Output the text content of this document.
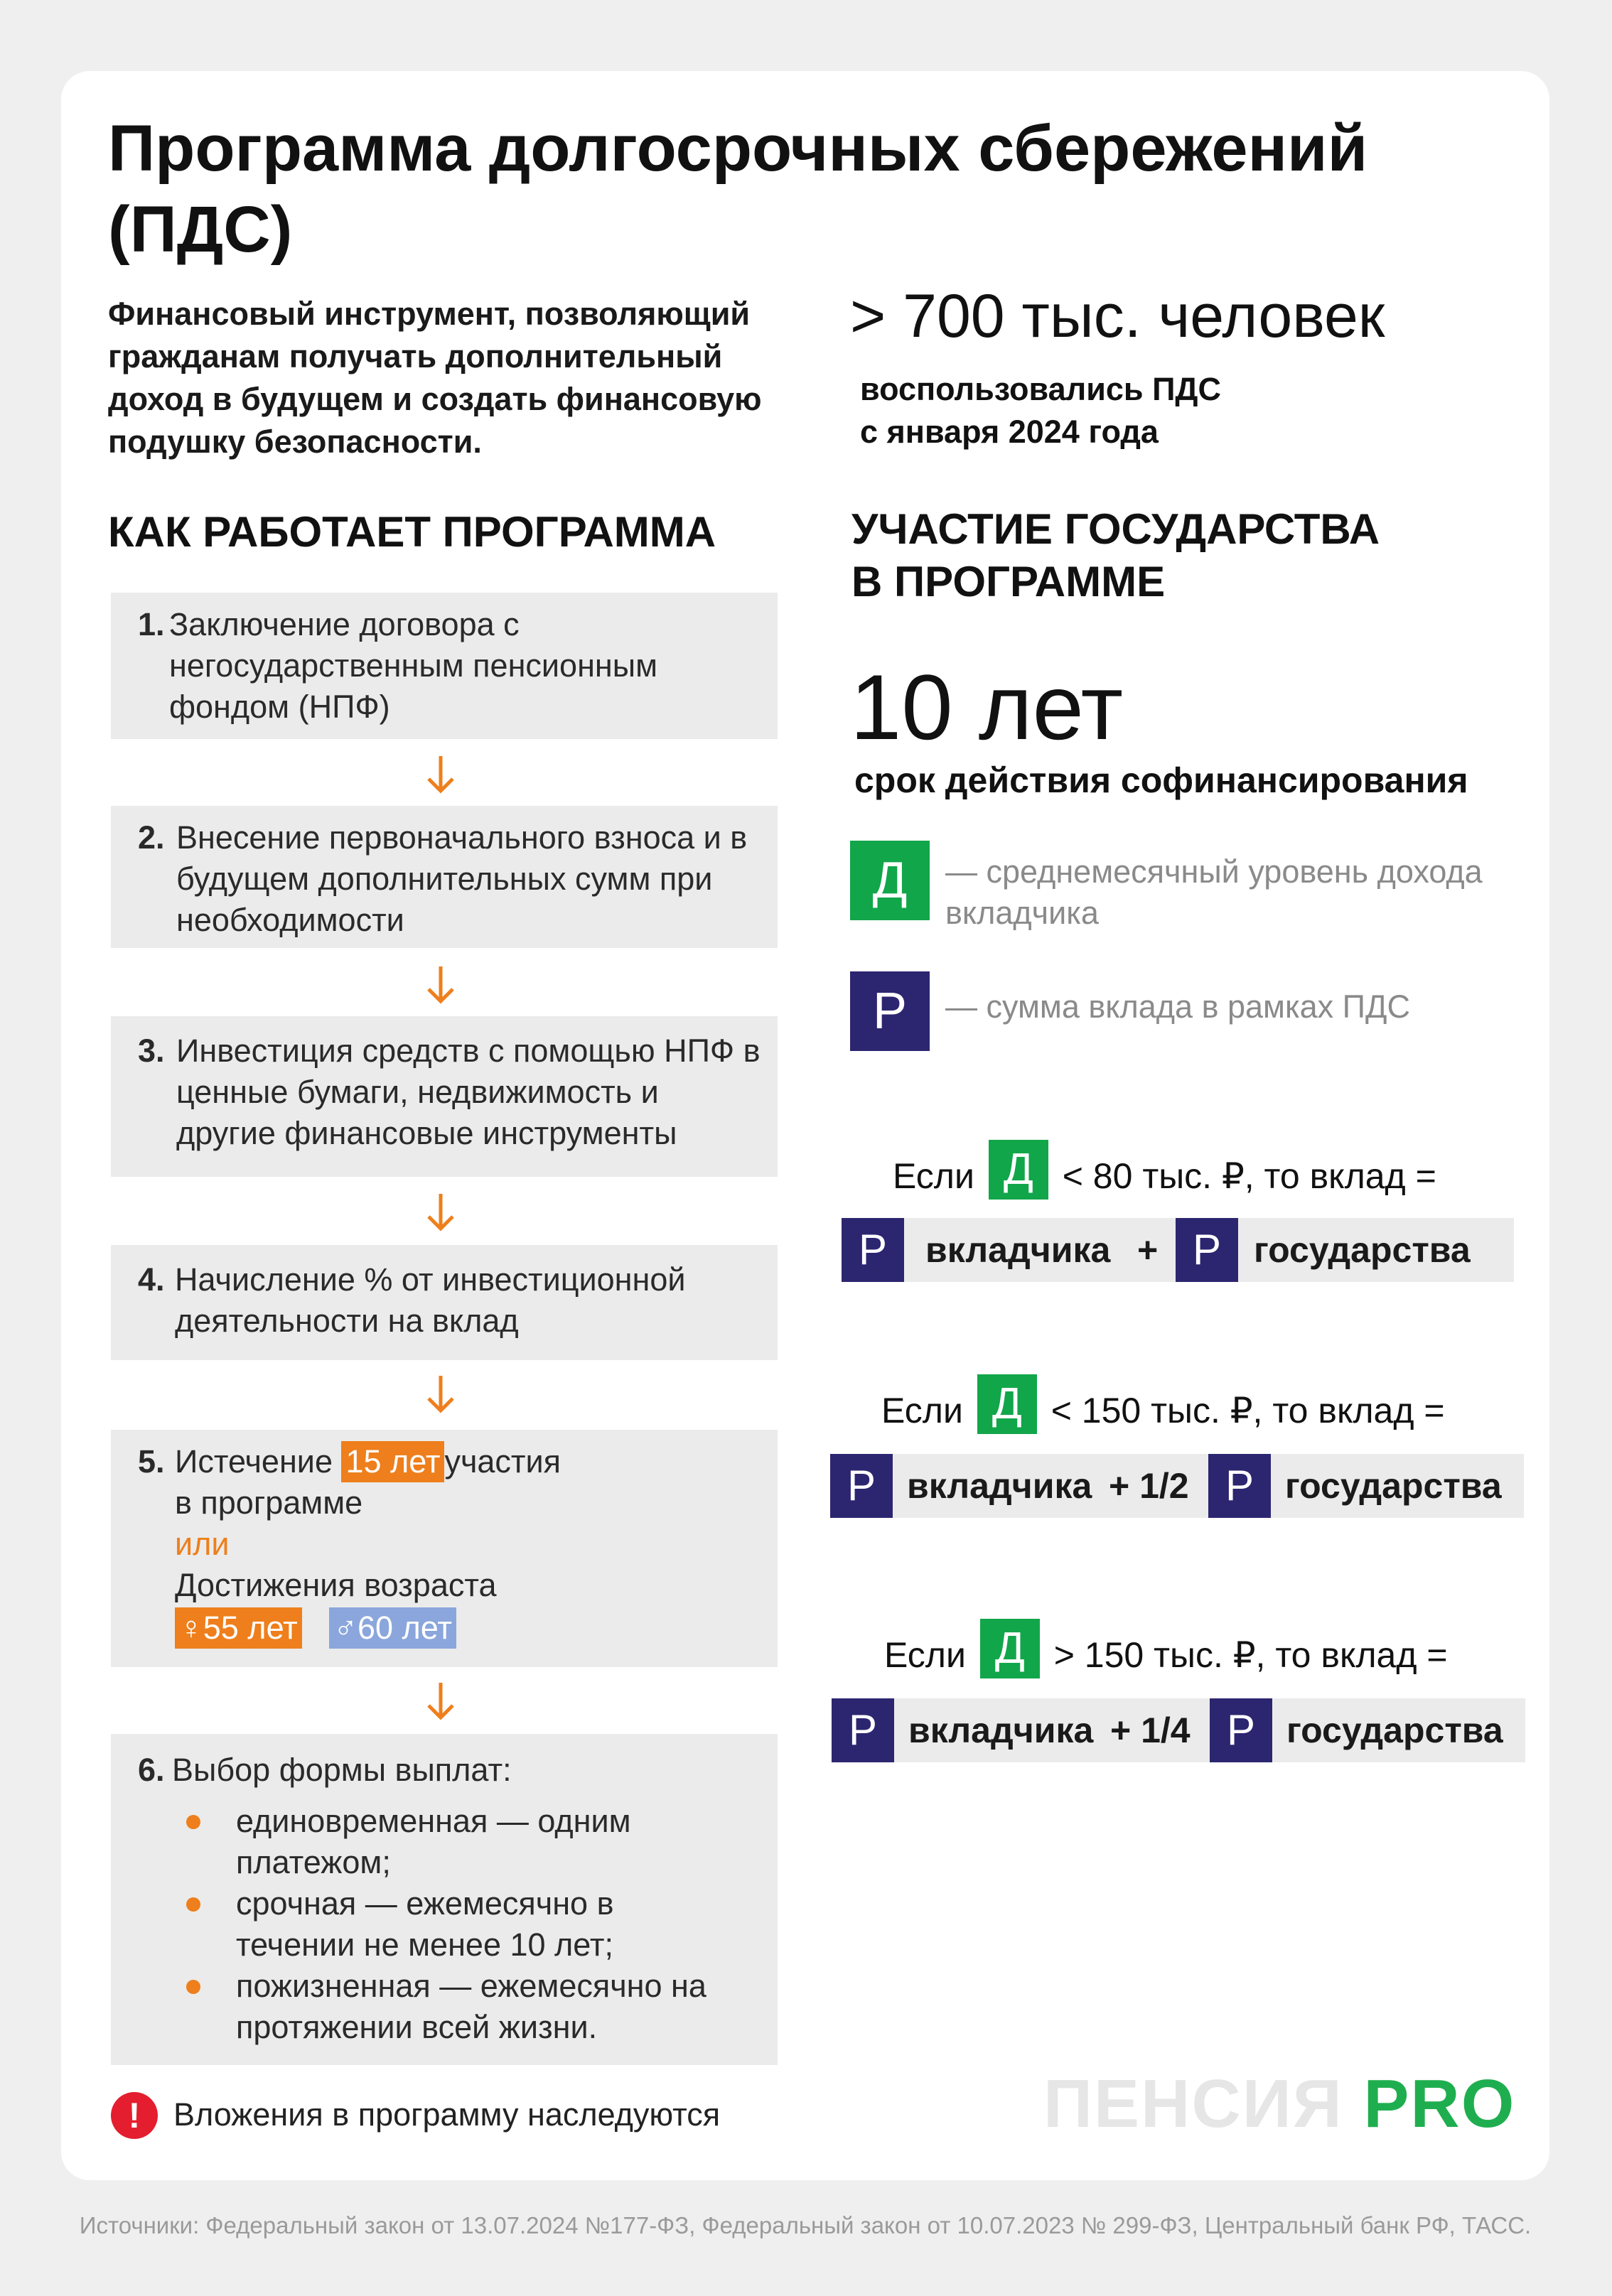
Программа долгосрочных сбережений (ПДС)
Финансовый инструмент, позволяющий гражданам получать дополнительный доход в будущем и создать финансовую подушку безопасности.
> 700 тыс. человек
воспользовались ПДС
с января 2024 года
КАК РАБОТАЕТ ПРОГРАММА
1. Заключение договора с негосударственным пенсионным фондом (НПФ)
2. Внесение первоначального взноса и в будущем дополнительных сумм при необходимости
3. Инвестиция средств с помощью НПФ в ценные бумаги, недвижимость и другие финансовые инструменты
4. Начисление % от инвестиционной деятельности на вклад
5. Истечение 15 лет участия
в программе
или
Достижения возраста
♀55 лет ♂60 лет
6. Выбор формы выплат:
единовременная — одним платежом;
срочная — ежемесячно в течении не менее 10 лет;
пожизненная — ежемесячно на протяжении всей жизни.
!	Вложения в программу наследуются
УЧАСТИЕ ГОСУДАРСТВА
В ПРОГРАММЕ
10 лет
срок действия софинансирования
Д	— среднемесячный уровень дохода вкладчика
Р	— сумма вклада в рамках ПДС
Если Д < 80 тыс. ₽, то вклад =
Р	вкладчика + Р государства
Если Д < 150 тыс. ₽, то вклад =
Р вкладчика + 1/2 Р государства
Если Д > 150 тыс. ₽, то вклад =
Р вкладчика + 1/4 Р государства
ПЕНСИЯ PRO
Источники: Федеральный закон от 13.07.2024 №177-ФЗ, Федеральный закон от 10.07.2023 № 299-ФЗ, Центральный банк РФ, ТАСС.
